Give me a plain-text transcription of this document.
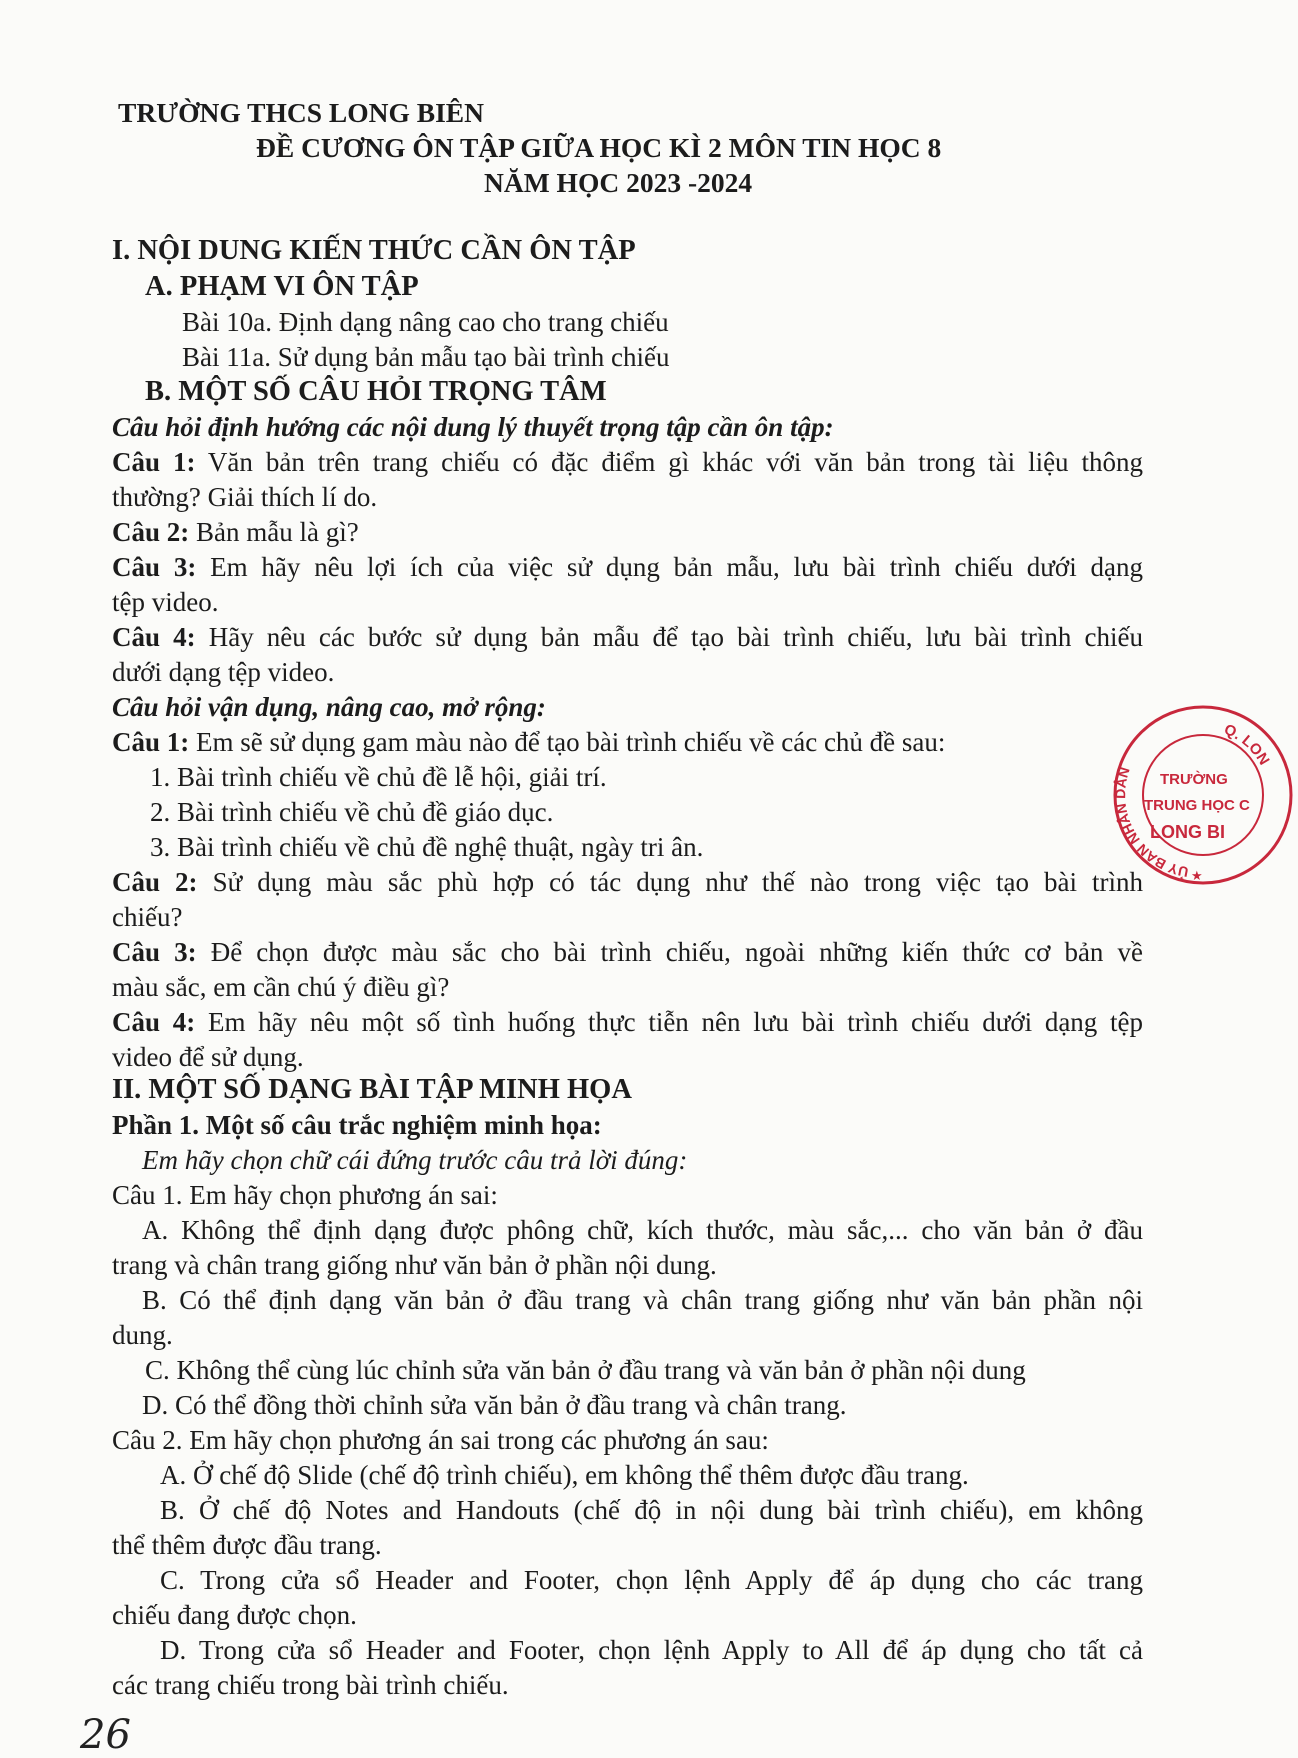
TRƯỜNG THCS LONG BIÊN
ĐỀ CƯƠNG ÔN TẬP GIỮA HỌC KÌ 2 MÔN TIN HỌC 8
NĂM HỌC 2023 -2024
I. NỘI DUNG KIẾN THỨC CẦN ÔN TẬP
A. PHẠM VI ÔN TẬP
Bài 10a. Định dạng nâng cao cho trang chiếu
Bài 11a. Sử dụng bản mẫu tạo bài trình chiếu
B. MỘT SỐ CÂU HỎI TRỌNG TÂM
Câu hỏi định hướng các nội dung lý thuyết trọng tập cần ôn tập:
Câu 1: Văn bản trên trang chiếu có đặc điểm gì khác với văn bản trong tài liệu thông
thường? Giải thích lí do.
Câu 2: Bản mẫu là gì?
Câu 3: Em hãy nêu lợi ích của việc sử dụng bản mẫu, lưu bài trình chiếu dưới dạng
tệp video.
Câu 4: Hãy nêu các bước sử dụng bản mẫu để tạo bài trình chiếu, lưu bài trình chiếu
dưới dạng tệp video.
Câu hỏi vận dụng, nâng cao, mở rộng:
Câu 1: Em sẽ sử dụng gam màu nào để tạo bài trình chiếu về các chủ đề sau:
1. Bài trình chiếu về chủ đề lễ hội, giải trí.
2. Bài trình chiếu về chủ đề giáo dục.
3. Bài trình chiếu về chủ đề nghệ thuật, ngày tri ân.
Câu 2: Sử dụng màu sắc phù hợp có tác dụng như thế nào trong việc tạo bài trình
chiếu?
Câu 3: Để chọn được màu sắc cho bài trình chiếu, ngoài những kiến thức cơ bản về
màu sắc, em cần chú ý điều gì?
Câu 4: Em hãy nêu một số tình huống thực tiễn nên lưu bài trình chiếu dưới dạng tệp
video để sử dụng.
II. MỘT SỐ DẠNG BÀI TẬP MINH HỌA
Phần 1. Một số câu trắc nghiệm minh họa:
Em hãy chọn chữ cái đứng trước câu trả lời đúng:
Câu 1. Em hãy chọn phương án sai:
A. Không thể định dạng được phông chữ, kích thước, màu sắc,... cho văn bản ở đầu
trang và chân trang giống như văn bản ở phần nội dung.
B. Có thể định dạng văn bản ở đầu trang và chân trang giống như văn bản phần nội
dung.
C. Không thể cùng lúc chỉnh sửa văn bản ở đầu trang và văn bản ở phần nội dung
D. Có thể đồng thời chỉnh sửa văn bản ở đầu trang và chân trang.
Câu 2. Em hãy chọn phương án sai trong các phương án sau:
A. Ở chế độ Slide (chế độ trình chiếu), em không thể thêm được đầu trang.
B. Ở chế độ Notes and Handouts (chế độ in nội dung bài trình chiếu), em không
thể thêm được đầu trang.
C. Trong cửa sổ Header and Footer, chọn lệnh Apply để áp dụng cho các trang
chiếu đang được chọn.
D. Trong cửa sổ Header and Footer, chọn lệnh Apply to All để áp dụng cho tất cả
các trang chiếu trong bài trình chiếu.
Q. LON
ỦY BAN NHÂN DÂN	TRƯỜNG
TRUNG HỌC C
LONG BI
★
26
